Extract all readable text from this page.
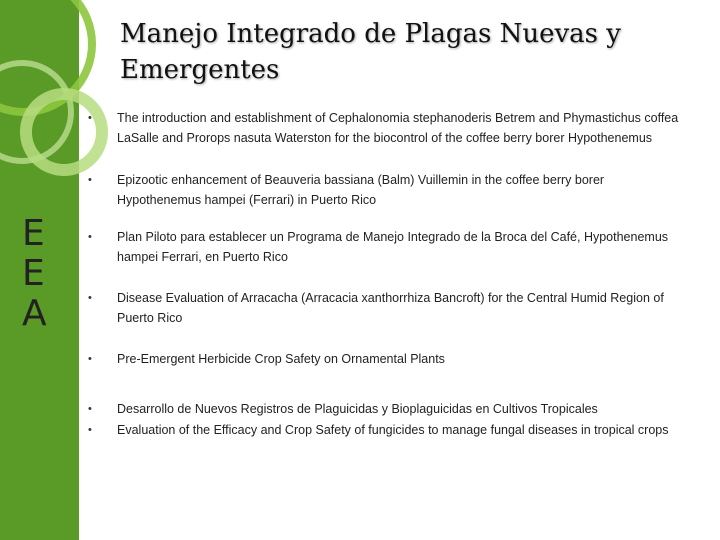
E
E
A
Manejo Integrado de Plagas Nuevas y Emergentes
• The introduction and establishment of Cephalonomia stephanoderis Betrem and Phymastichus coffea LaSalle and Prorops nasuta Waterston for the biocontrol of the coffee berry borer Hypothenemus
• Epizootic enhancement of Beauveria bassiana (Balm) Vuillemin in the coffee berry borer Hypothenemus hampei (Ferrari) in Puerto Rico
• Plan Piloto para establecer un Programa de Manejo Integrado de la Broca del Café, Hypothenemus hampei Ferrari, en Puerto Rico
• Disease Evaluation of Arracacha (Arracacia xanthorrhiza Bancroft) for the Central Humid Region of Puerto Rico
• Pre-Emergent Herbicide Crop Safety on Ornamental Plants
• Desarrollo de Nuevos Registros de Plaguicidas y Bioplaguicidas en Cultivos Tropicales
• Evaluation of the Efficacy and Crop Safety of fungicides to manage fungal diseases in tropical crops
